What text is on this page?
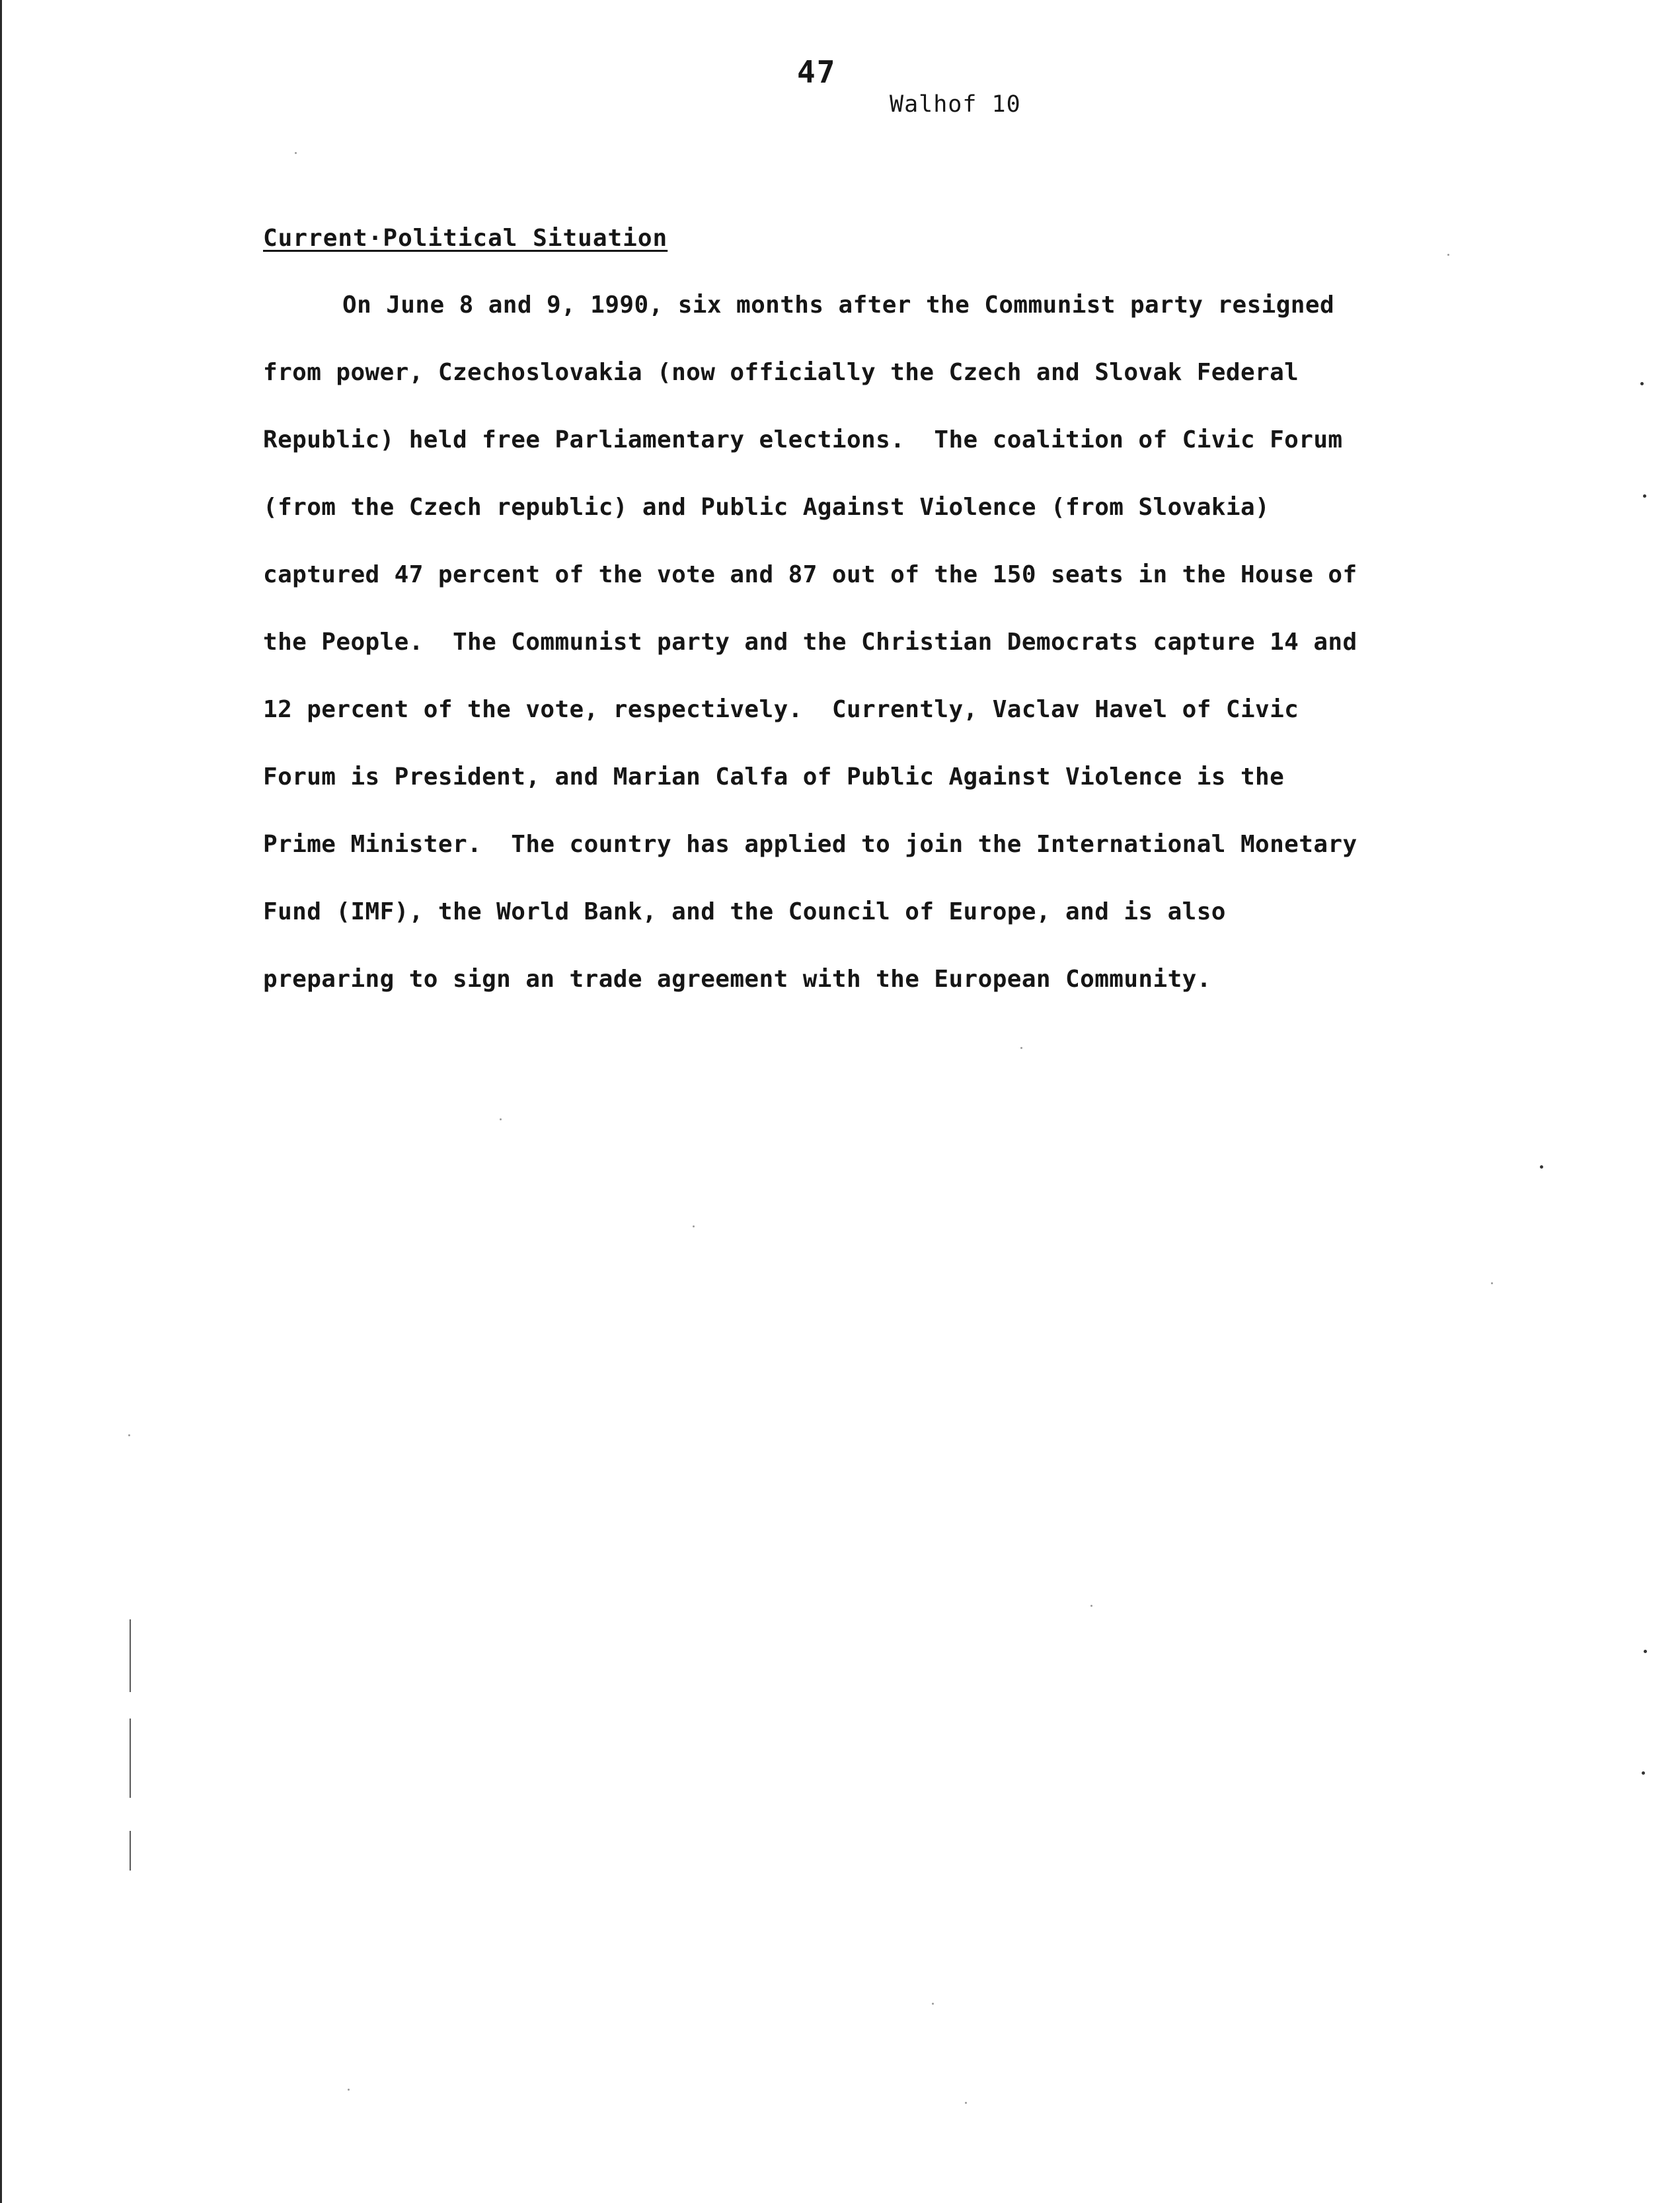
47
Walhof 10
Current·Political Situation
On June 8 and 9, 1990, six months after the Communist party resigned
from power, Czechoslovakia (now officially the Czech and Slovak Federal
Republic) held free Parliamentary elections.  The coalition of Civic Forum
(from the Czech republic) and Public Against Violence (from Slovakia)
captured 47 percent of the vote and 87 out of the 150 seats in the House of
the People.  The Communist party and the Christian Democrats capture 14 and
12 percent of the vote, respectively.  Currently, Vaclav Havel of Civic
Forum is President, and Marian Calfa of Public Against Violence is the
Prime Minister.  The country has applied to join the International Monetary
Fund (IMF), the World Bank, and the Council of Europe, and is also
preparing to sign an trade agreement with the European Community.
